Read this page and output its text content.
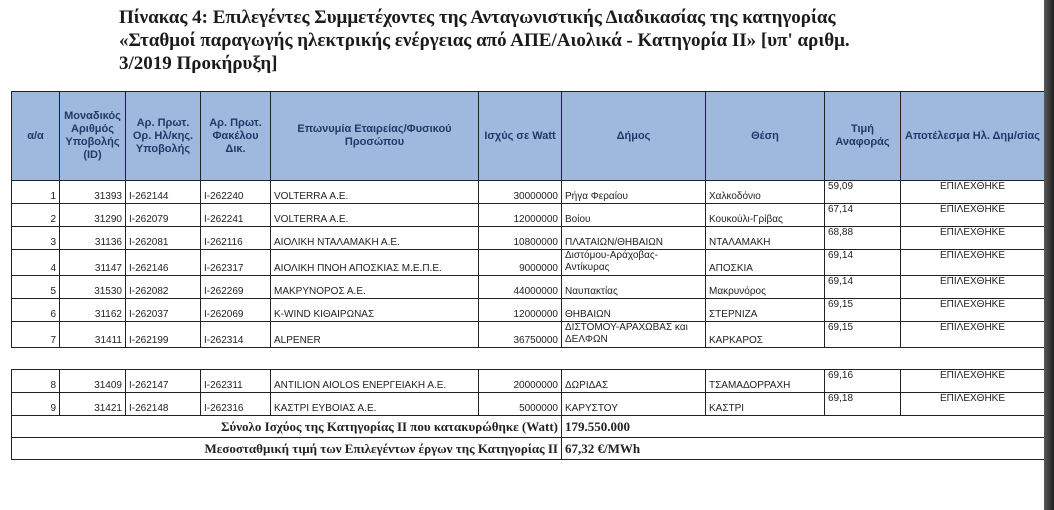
Πίνακας 4: Επιλεγέντες Συμμετέχοντες της Ανταγωνιστικής Διαδικασίας της κατηγορίας
«Σταθμοί παραγωγής ηλεκτρικής ενέργειας από ΑΠΕ/Αιολικά - Κατηγορία ΙΙ» [υπ' αριθμ.
3/2019 Προκήρυξη]
α/α	Μοναδικός Αριθμός Υποβολής (ID)	Αρ. Πρωτ. Ορ. Ηλ/κης. Υποβολής	Αρ. Πρωτ. Φακέλου Δικ.	Επωνυμία Εταιρείας/Φυσικού Προσώπου	Ισχύς σε Watt	Δήμος	Θέση	Τιμή Αναφοράς	Αποτέλεσμα Ηλ. Δημ/σίας
1	31393	I-262144	I-262240	VOLTERRA Α.Ε.	30000000	Ρήγα Φεραίου	Χαλκοδόνιο	59,09	ΕΠΙΛΕΧΘΗΚΕ
2	31290	I-262079	I-262241	VOLTERRA Α.Ε.	12000000	Βοίου	Κουκούλι-Γρίβας	67,14	ΕΠΙΛΕΧΘΗΚΕ
3	31136	I-262081	I-262116	ΑΙΟΛΙΚΗ ΝΤΑΛΑΜΑΚΗ Α.Ε.	10800000	ΠΛΑΤΑΙΩΝ/ΘΗΒΑΙΩΝ	ΝΤΑΛΑΜΑΚΗ	68,88	ΕΠΙΛΕΧΘΗΚΕ
4	31147	I-262146	I-262317	ΑΙΟΛΙΚΗ ΠΝΟΗ ΑΠΟΣΚΙΑΣ Μ.Ε.Π.Ε.	9000000	Διστόμου-Αράχοβας-Αντίκυρας	ΑΠΟΣΚΙΑ	69,14	ΕΠΙΛΕΧΘΗΚΕ
5	31530	I-262082	I-262269	ΜΑΚΡΥΝΟΡΟΣ Α.Ε.	44000000	Ναυπακτίας	Μακρυνόρος	69,14	ΕΠΙΛΕΧΘΗΚΕ
6	31162	I-262037	I-262069	K-WIND ΚΙΘΑΙΡΩΝΑΣ	12000000	ΘΗΒΑΙΩΝ	ΣΤΕΡΝΙΖΑ	69,15	ΕΠΙΛΕΧΘΗΚΕ
7	31411	I-262199	I-262314	ALPENER	36750000	ΔΙΣΤΟΜΟΥ-ΑΡΑΧΩΒΑΣ και ΔΕΛΦΩΝ	ΚΑΡΚΑΡΟΣ	69,15	ΕΠΙΛΕΧΘΗΚΕ

8	31409	I-262147	I-262311	ANTILION AIOLOS ΕΝΕΡΓΕΙΑΚΗ Α.Ε.	20000000	ΔΩΡΙΔΑΣ	ΤΣΑΜΑΔΟΡΡΑΧΗ	69,16	ΕΠΙΛΕΧΘΗΚΕ
9	31421	I-262148	I-262316	ΚΑΣΤΡΙ ΕΥΒΟΙΑΣ Α.Ε.	5000000	ΚΑΡΥΣΤΟΥ	ΚΑΣΤΡΙ	69,18	ΕΠΙΛΕΧΘΗΚΕ
Σύνολο Ισχύος της Κατηγορίας ΙΙ που κατακυρώθηκε (Watt)						179.550.000			
Μεσοσταθμική τιμή των Επιλεγέντων έργων της Κατηγορίας ΙΙ						67,32 €/MWh			
